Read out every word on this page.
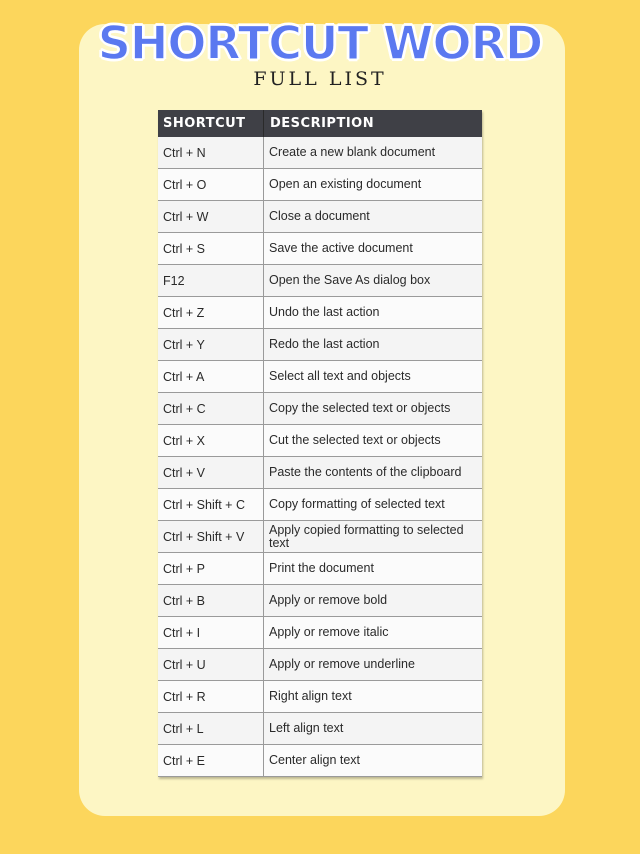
SHORTCUT WORD
FULL LIST
SHORTCUT	DESCRIPTION
Ctrl + N	Create a new blank document
Ctrl + O	Open an existing document
Ctrl + W	Close a document
Ctrl + S	Save the active document
F12	Open the Save As dialog box
Ctrl + Z	Undo the last action
Ctrl + Y	Redo the last action
Ctrl + A	Select all text and objects
Ctrl + C	Copy the selected text or objects
Ctrl + X	Cut the selected text or objects
Ctrl + V	Paste the contents of the clipboard
Ctrl + Shift + C	Copy formatting of selected text
Ctrl + Shift + V	Apply copied formatting to selected text
Ctrl + P	Print the document
Ctrl + B	Apply or remove bold
Ctrl + I	Apply or remove italic
Ctrl + U	Apply or remove underline
Ctrl + R	Right align text
Ctrl + L	Left align text
Ctrl + E	Center align text
